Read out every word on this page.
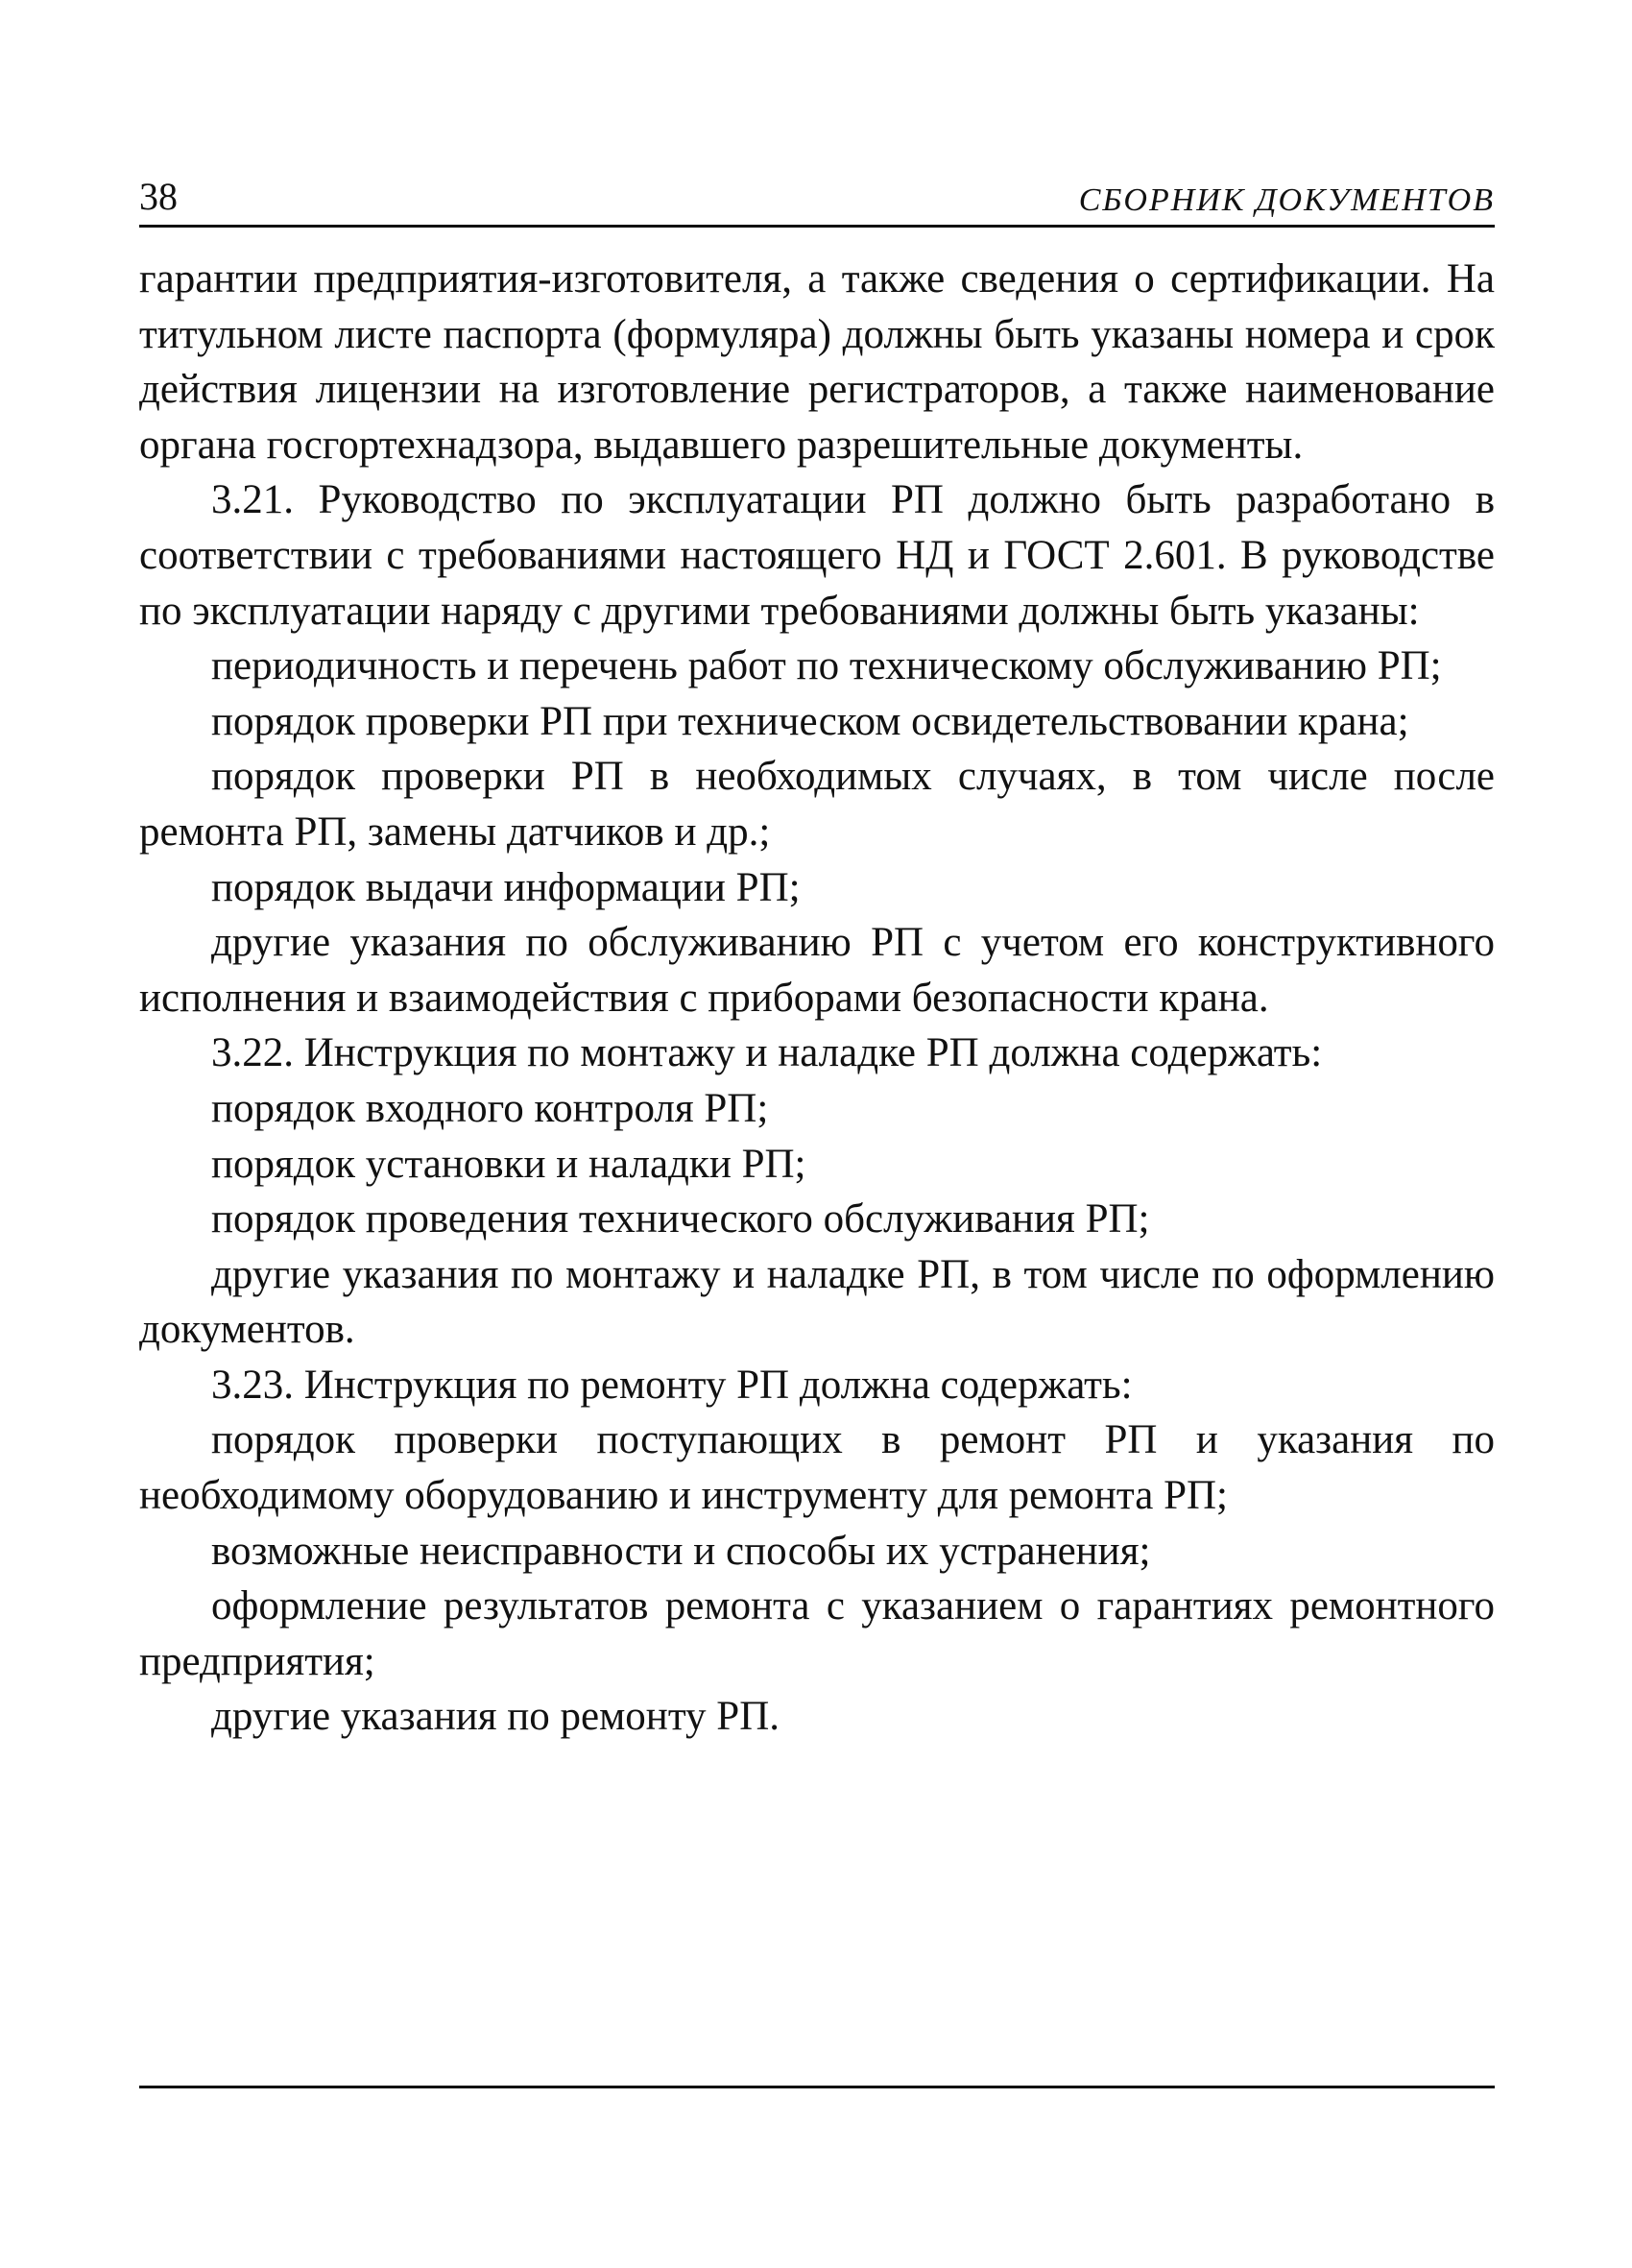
38	СБОРНИК ДОКУМЕНТОВ

гарантии предприятия-изготовителя, а также сведения о сертификации. На титульном листе паспорта (формуляра) должны быть указаны номера и срок действия лицензии на изготовление регистраторов, а также наименование органа госгортехнадзора, выдавшего разрешительные документы.

3.21. Руководство по эксплуатации РП должно быть разработано в соответствии с требованиями настоящего НД и ГОСТ 2.601. В руководстве по эксплуатации наряду с другими требованиями должны быть указаны:

периодичность и перечень работ по техническому обслуживанию РП;

порядок проверки РП при техническом освидетельствовании крана;

порядок проверки РП в необходимых случаях, в том числе после ремонта РП, замены датчиков и др.;

порядок выдачи информации РП;

другие указания по обслуживанию РП с учетом его конструктивного исполнения и взаимодействия с приборами безопасности крана.

3.22. Инструкция по монтажу и наладке РП должна содержать:

порядок входного контроля РП;

порядок установки и наладки РП;

порядок проведения технического обслуживания РП;

другие указания по монтажу и наладке РП, в том числе по оформлению документов.

3.23. Инструкция по ремонту РП должна содержать:

порядок проверки поступающих в ремонт РП и указания по необходимому оборудованию и инструменту для ремонта РП;

возможные неисправности и способы их устранения;

оформление результатов ремонта с указанием о гарантиях ремонтного предприятия;

другие указания по ремонту РП.
